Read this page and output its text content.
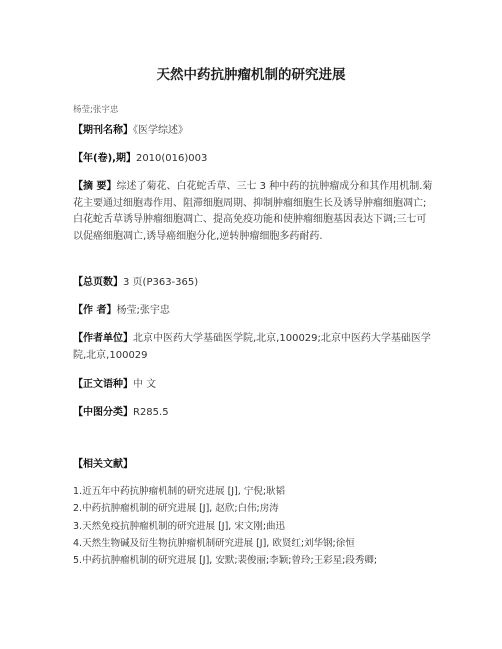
天然中药抗肿瘤机制的研究进展
杨莹;张宇忠
【期刊名称】《医学综述》
【年(卷),期】2010(016)003
【摘 要】综述了菊花、白花蛇舌草、三七 3 种中药的抗肿瘤成分和其作用机制.菊花主要通过细胞毒作用、阻滞细胞周期、抑制肿瘤细胞生长及诱导肿瘤细胞凋亡;白花蛇舌草诱导肿瘤细胞凋亡、提高免疫功能和使肿瘤细胞基因表达下调;三七可以促癌细胞凋亡,诱导癌细胞分化,逆转肿瘤细胞多药耐药.
【总页数】3 页(P363-365)
【作 者】杨莹;张宇忠
【作者单位】北京中医药大学基础医学院,北京,100029;北京中医药大学基础医学院,北京,100029
【正文语种】中 文
【中图分类】R285.5
【相关文献】
1.近五年中药抗肿瘤机制的研究进展 [J], 宁倪;耿韬
2.中药抗肿瘤机制的研究进展 [J], 赵欣;白伟;房涛
3.天然免疫抗肿瘤机制的研究进展 [J], 宋文刚;曲迅
4.天然生物碱及衍生物抗肿瘤机制研究进展 [J], 欧贤红;刘华钢;徐恒
5.中药抗肿瘤机制的研究进展 [J], 安默;裴俊丽;李颖;曾玲;王彩星;段秀卿;
